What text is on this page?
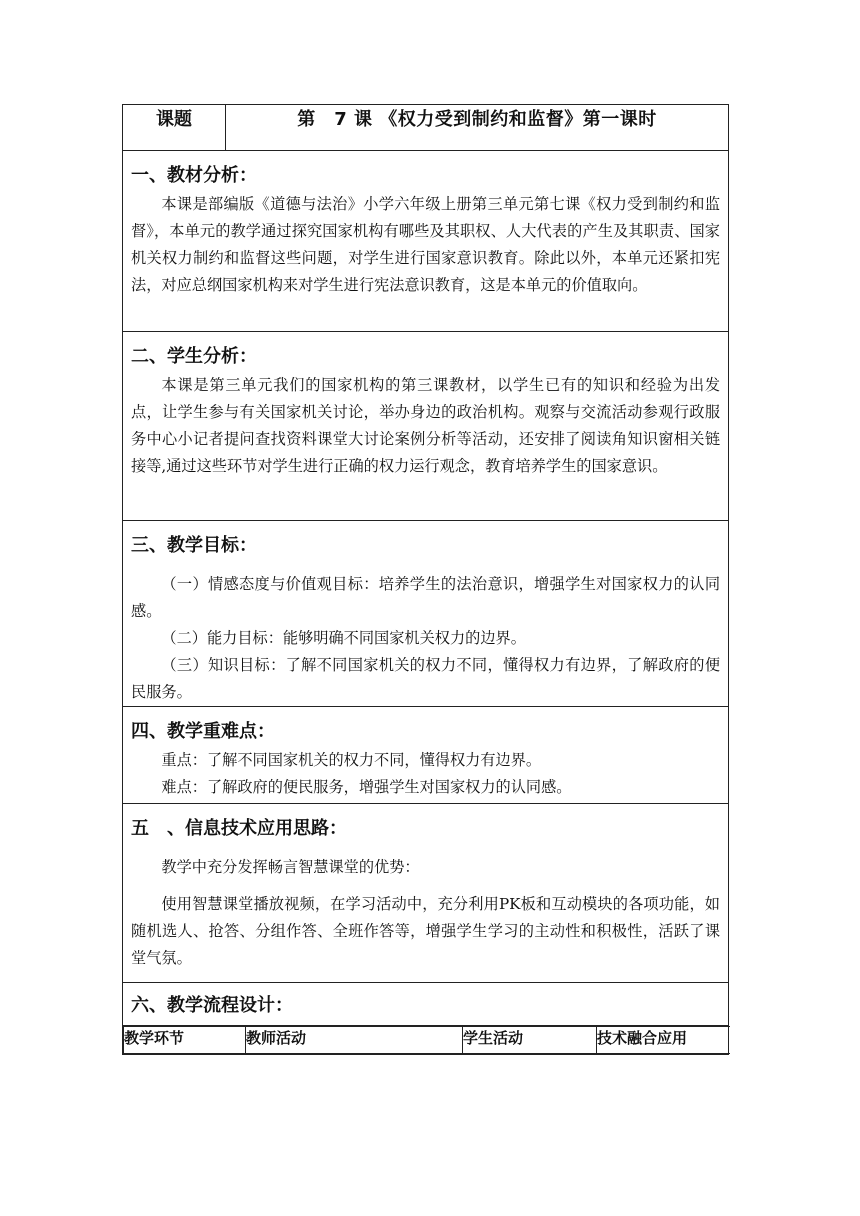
课题	第　7 课 《权力受到制约和监督》第一课时

一、教材分析：
本课是部编版《道德与法治》小学六年级上册第三单元第七课《权力受到制约和监督》，本单元的教学通过探究国家机构有哪些及其职权、人大代表的产生及其职责、国家机关权力制约和监督这些问题，对学生进行国家意识教育。除此以外，本单元还紧扣宪法，对应总纲国家机构来对学生进行宪法意识教育，这是本单元的价值取向。

二、学生分析：
本课是第三单元我们的国家机构的第三课教材，以学生已有的知识和经验为出发点，让学生参与有关国家机关讨论，举办身边的政治机构。观察与交流活动参观行政服务中心小记者提问查找资料课堂大讨论案例分析等活动，还安排了阅读角知识窗相关链接等,通过这些环节对学生进行正确的权力运行观念，教育培养学生的国家意识。

三、教学目标：
（一）情感态度与价值观目标：培养学生的法治意识，增强学生对国家权力的认同感。
（二）能力目标：能够明确不同国家机关权力的边界。
（三）知识目标：了解不同国家机关的权力不同，懂得权力有边界，了解政府的便民服务。

四、教学重难点：
重点：了解不同国家机关的权力不同，懂得权力有边界。
难点：了解政府的便民服务，增强学生对国家权力的认同感。

五　、信息技术应用思路：
教学中充分发挥畅言智慧课堂的优势：
使用智慧课堂播放视频，在学习活动中，充分利用PK板和互动模块的各项功能，如随机选人、抢答、分组作答、全班作答等，增强学生学习的主动性和积极性，活跃了课堂气氛。

六、教学流程设计：

教学环节	教师活动	学生活动	技术融合应用
